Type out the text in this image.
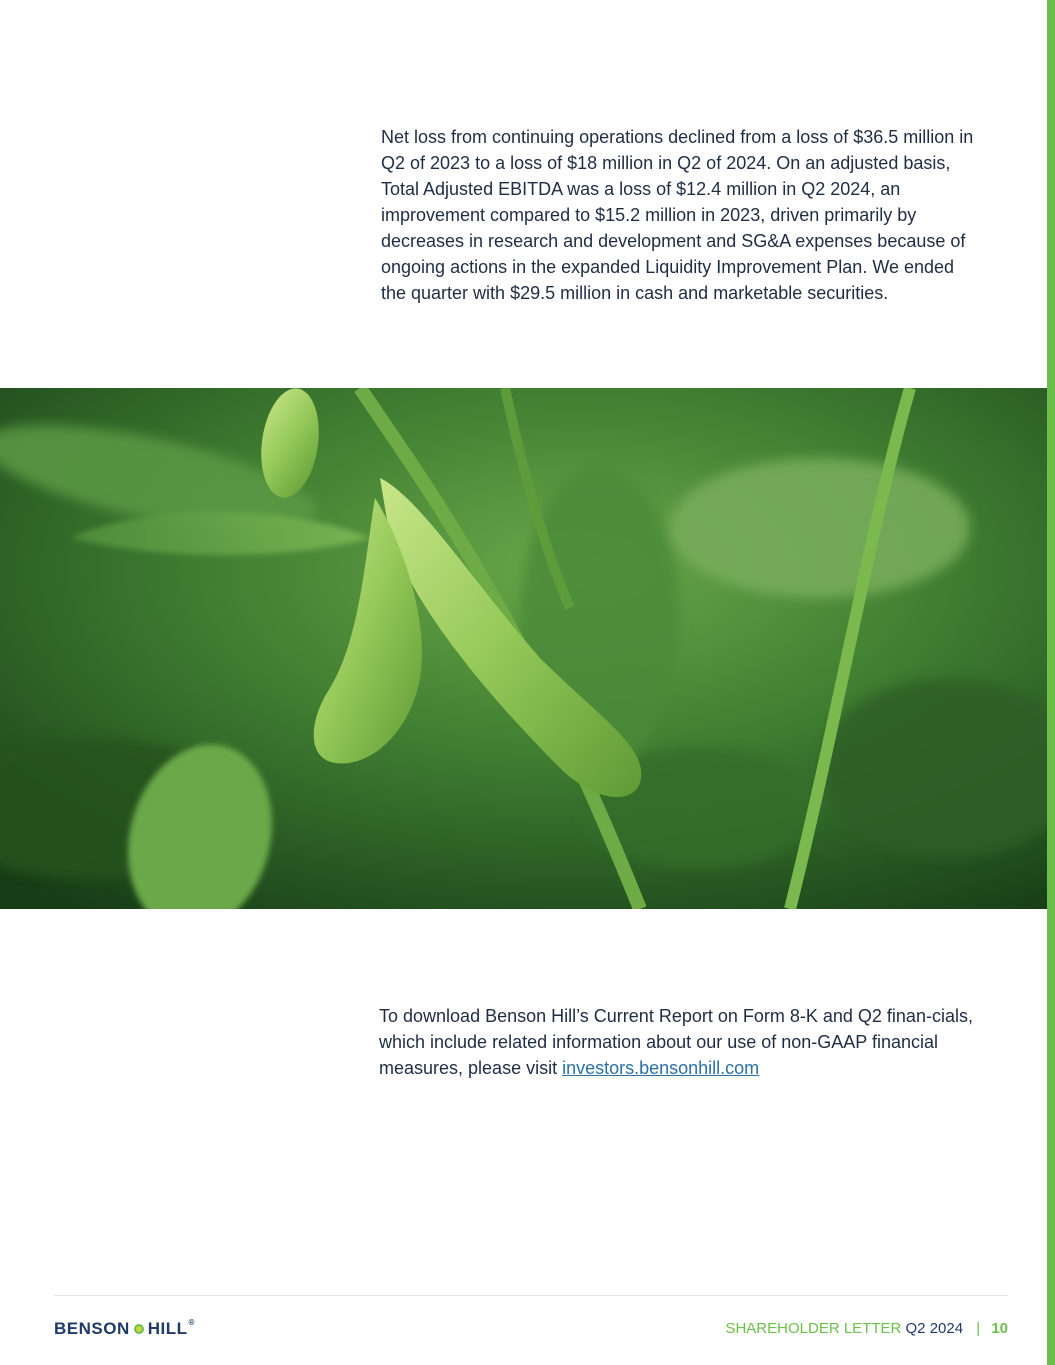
Net loss from continuing operations declined from a loss of $36.5 million in Q2 of 2023 to a loss of $18 million in Q2 of 2024. On an adjusted basis, Total Adjusted EBITDA was a loss of $12.4 million in Q2 2024, an improvement compared to $15.2 million in 2023, driven primarily by decreases in research and development and SG&A expenses because of ongoing actions in the expanded Liquidity Improvement Plan. We ended the quarter with $29.5 million in cash and marketable securities.

To download Benson Hill’s Current Report on Form 8-K and Q2 finan-cials, which include related information about our use of non-GAAP financial measures, please visit investors.bensonhill.com

BENSON HILL®	SHAREHOLDER LETTER Q2 2024 | 10
